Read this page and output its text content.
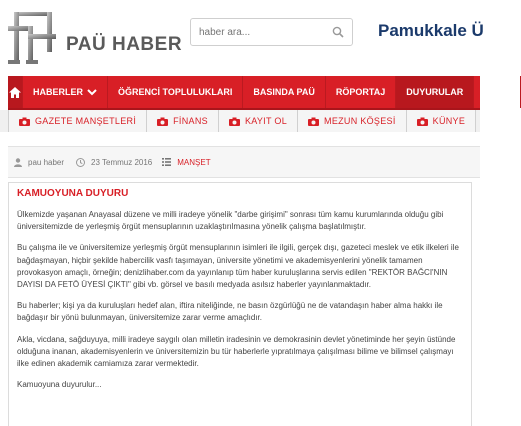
PAÜ HABER
haber ara...
Pamukkale Ü
HABERLER	ÖĞRENCİ TOPLULUKLARI BASINDA PAÜ RÖPORTAJ DUYURULAR HABE
GAZETE MANŞETLERİ	FİNANS	KAYIT OL	MEZUN KÖŞESİ	KÜNYE
pau haber	23 Temmuz 2016	MANŞET
KAMUOYUNA DUYURU

Ülkemizde yaşanan Anayasal düzene ve milli iradeye yönelik "darbe girişimi" sonrası tüm kamu kurumlarında olduğu gibi üniversitemizde de yerleşmiş örgüt mensuplarının uzaklaştırılmasına yönelik çalışma başlatılmıştır.

Bu çalışma ile ve üniversitemize yerleşmiş örgüt mensuplarının isimleri ile ilgili, gerçek dışı, gazeteci meslek ve etik ilkeleri ile bağdaşmayan, hiçbir şekilde habercilik vasfı taşımayan, üniversite yönetimi ve akademisyenlerini yönelik tamamen provokasyon amaçlı, örneğin; denizlihaber.com da yayınlanıp tüm haber kuruluşlarına servis edilen "REKTÖR BAĞCI'NIN DAYISI DA FETÖ ÜYESİ ÇIKTI" gibi vb. görsel ve basılı medyada asılsız haberler yayınlanmaktadır.

Bu haberler; kişi ya da kuruluşları hedef alan, iftira niteliğinde, ne basın özgürlüğü ne de vatandaşın haber alma hakkı ile bağdaşır bir yönü bulunmayan, üniversitemize zarar verme amaçlıdır.

Akla, vicdana, sağduyuya, milli iradeye saygılı olan milletin iradesinin ve demokrasinin devlet yönetiminde her şeyin üstünde olduğuna inanan, akademisyenlerin ve üniversitemizin bu tür haberlerle yıpratılmaya çalışılması bilime ve bilimsel çalışmayı ilke edinen akademik camiamıza zarar vermektedir.

Kamuoyuna duyurulur...
